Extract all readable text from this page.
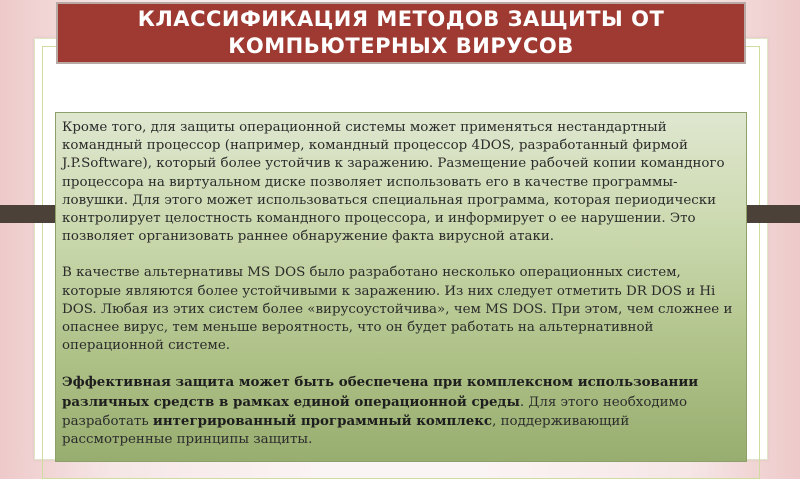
КЛАССИФИКАЦИЯ МЕТОДОВ ЗАЩИТЫ ОТ КОМПЬЮТЕРНЫХ ВИРУСОВ

Кроме того, для защиты операционной системы может применяться нестандартный командный процессор (например, командный процессор 4DOS, разработанный фирмой J.P.Software), который более устойчив к заражению. Размещение рабочей копии командного процессора на виртуальном диске позволяет использовать его в качестве программы-ловушки. Для этого может использоваться специальная программа, которая периодически контролирует целостность командного процессора, и информирует о ее нарушении. Это позволяет организовать раннее обнаружение факта вирусной атаки.

В качестве альтернативы MS DOS было разработано несколько операционных систем, которые являются более устойчивыми к заражению. Из них следует отметить DR DOS и Hi DOS. Любая из этих систем более «вирусоустойчива», чем MS DOS. При этом, чем сложнее и опаснее вирус, тем меньше вероятность, что он будет работать на альтернативной операционной системе.

Эффективная защита может быть обеспечена при комплексном использовании различных средств в рамках единой операционной среды. Для этого необходимо разработать интегрированный программный комплекс, поддерживающий рассмотренные принципы защиты.
